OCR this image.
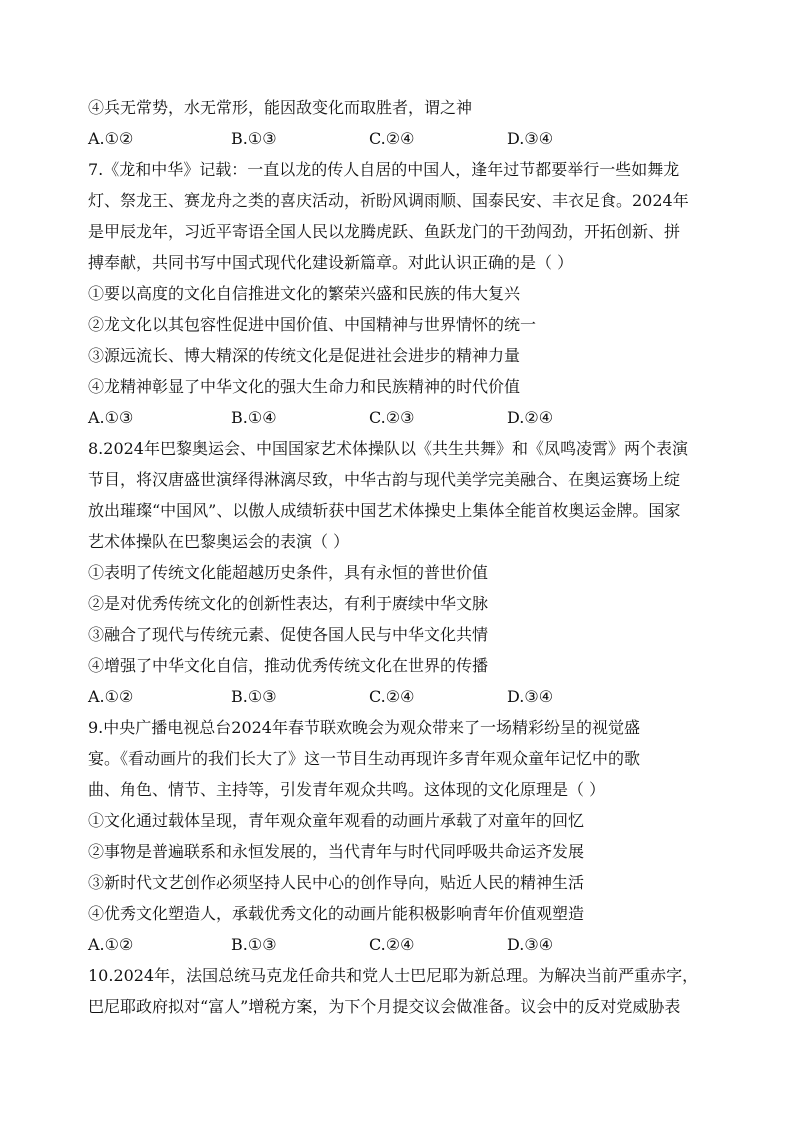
④兵无常势，水无常形，能因敌变化而取胜者，谓之神
A.①②	B.①③	C.②④	D.③④
7.《龙和中华》记载：一直以龙的传人自居的中国人，逢年过节都要举行一些如舞龙
灯、祭龙王、赛龙舟之类的喜庆活动，祈盼风调雨顺、国泰民安、丰衣足食。2024年
是甲辰龙年，习近平寄语全国人民以龙腾虎跃、鱼跃龙门的干劲闯劲，开拓创新、拼
搏奉献，共同书写中国式现代化建设新篇章。对此认识正确的是（ ）
①要以高度的文化自信推进文化的繁荣兴盛和民族的伟大复兴
②龙文化以其包容性促进中国价值、中国精神与世界情怀的统一
③源远流长、博大精深的传统文化是促进社会进步的精神力量
④龙精神彰显了中华文化的强大生命力和民族精神的时代价值
A.①③	B.①④	C.②③	D.②④
8.2024年巴黎奥运会、中国国家艺术体操队以《共生共舞》和《凤鸣凌霄》两个表演
节目，将汉唐盛世演绎得淋漓尽致，中华古韵与现代美学完美融合、在奥运赛场上绽
放出璀璨“中国风”、以傲人成绩斩获中国艺术体操史上集体全能首枚奥运金牌。国家
艺术体操队在巴黎奥运会的表演（ ）
①表明了传统文化能超越历史条件，具有永恒的普世价值
②是对优秀传统文化的创新性表达，有利于赓续中华文脉
③融合了现代与传统元素、促使各国人民与中华文化共情
④增强了中华文化自信，推动优秀传统文化在世界的传播
A.①②	B.①③	C.②④	D.③④
9.中央广播电视总台2024年春节联欢晚会为观众带来了一场精彩纷呈的视觉盛
宴。《看动画片的我们长大了》这一节目生动再现许多青年观众童年记忆中的歌
曲、角色、情节、主持等，引发青年观众共鸣。这体现的文化原理是（ ）
①文化通过载体呈现，青年观众童年观看的动画片承载了对童年的回忆
②事物是普遍联系和永恒发展的，当代青年与时代同呼吸共命运齐发展
③新时代文艺创作必须坚持人民中心的创作导向，贴近人民的精神生活
④优秀文化塑造人，承载优秀文化的动画片能积极影响青年价值观塑造
A.①②	B.①③	C.②④	D.③④
10.2024年，法国总统马克龙任命共和党人士巴尼耶为新总理。为解决当前严重赤字，
巴尼耶政府拟对“富人”增税方案，为下个月提交议会做准备。议会中的反对党威胁表
